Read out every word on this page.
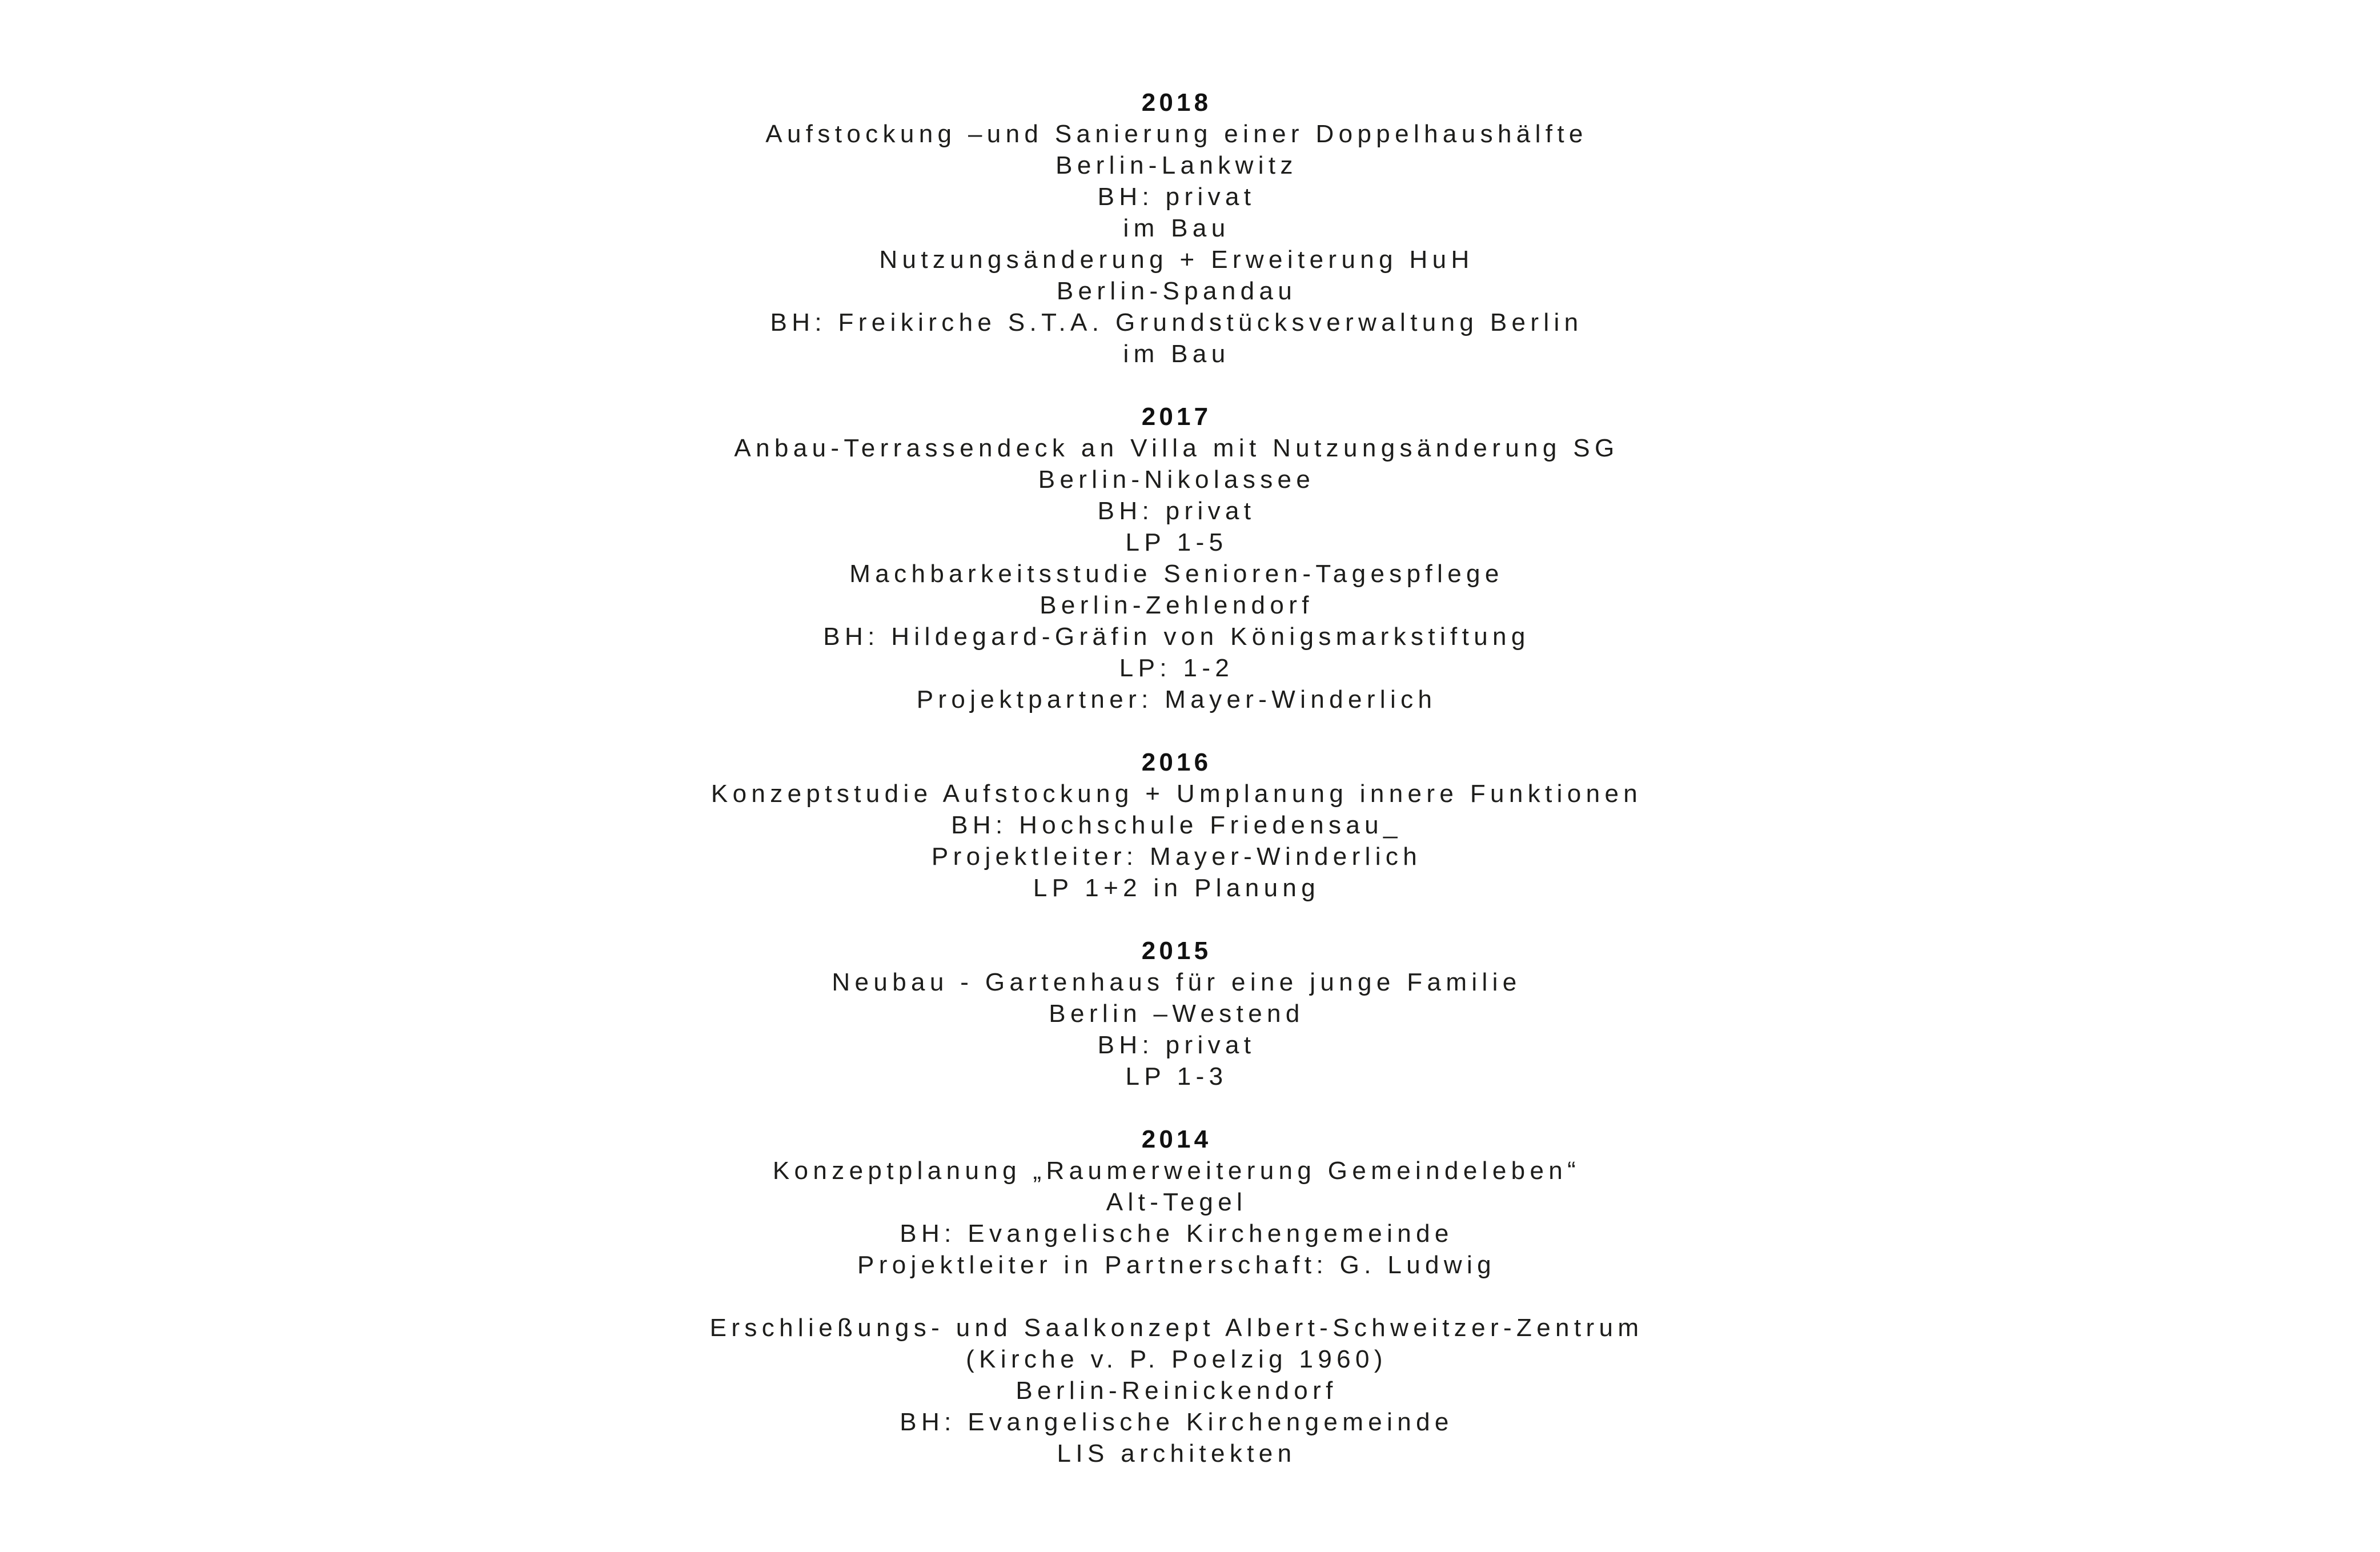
2018
Aufstockung –und Sanierung einer Doppelhaushälfte
Berlin-Lankwitz
BH: privat
im Bau
Nutzungsänderung + Erweiterung HuH
Berlin-Spandau
BH: Freikirche S.T.A. Grundstücksverwaltung Berlin
im Bau
2017
Anbau-Terrassendeck an Villa mit Nutzungsänderung SG
Berlin-Nikolassee
BH: privat
LP 1-5
Machbarkeitsstudie Senioren-Tagespflege
Berlin-Zehlendorf
BH: Hildegard-Gräfin von Königsmarkstiftung
LP: 1-2
Projektpartner: Mayer-Winderlich
2016
Konzeptstudie Aufstockung + Umplanung innere Funktionen
BH: Hochschule Friedensau_
Projektleiter: Mayer-Winderlich
LP 1+2 in Planung
2015
Neubau - Gartenhaus für eine junge Familie
Berlin –Westend
BH: privat
LP 1-3
2014
Konzeptplanung „Raumerweiterung Gemeindeleben“
Alt-Tegel
BH: Evangelische Kirchengemeinde
Projektleiter in Partnerschaft: G. Ludwig
Erschließungs- und Saalkonzept Albert-Schweitzer-Zentrum
(Kirche v. P. Poelzig 1960)
Berlin-Reinickendorf
BH: Evangelische Kirchengemeinde
LIS architekten
